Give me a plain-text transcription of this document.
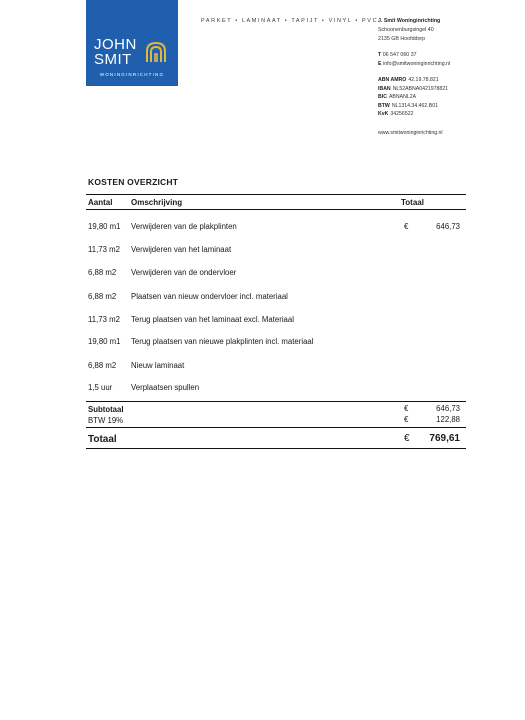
JOHN
SMIT
WONINGINRICHTING
PARKET • LAMINAAT • TAPIJT • VINYL • PVC J. Smit Woninginrichting
Schoonenburgsingel 40
2135 GB Hoofddorp
T 06 547 060 37
E info@smitwoninginrichting.nl
ABN AMRO 42.19.78.821
IBAN NL52ABNA0421978821
BIC ABNANL2A
BTW NL1314.34.462.B01
KvK 34256522
www.smitwoninginrichting.nl
KOSTEN OVERZICHT
Aantal Omschrijving	Totaal
19,80 m1 Verwijderen van de plakplinten	€	646,73
11,73 m2 Verwijderen van het laminaat
6,88 m2 Verwijderen van de ondervloer
6,88 m2 Plaatsen van nieuw ondervloer incl. materiaal
11,73 m2 Terug plaatsen van het laminaat excl. Materiaal
19,80 m1 Terug plaatsen van nieuwe plakplinten incl. materiaal
6,88 m2 Nieuw laminaat
1,5 uur Verplaatsen spullen
Subtotaal	€	646,73
BTW 19%	€	122,88
Totaal	€	769,61
